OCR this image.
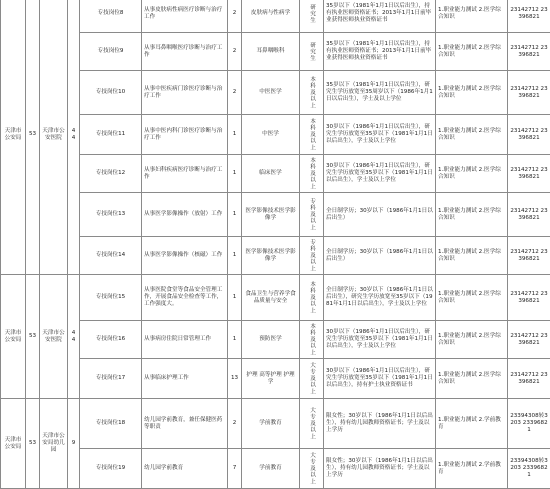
天津市公安局	53	天津市公安医院	44	专技岗位8	从事皮肤病性病医疗诊断与治疗工作	2	皮肤病与性病学	研究生	35岁以下（1981年1月1日以后出生），持有执业医师资格证书；2013年1月1日前毕业获得医师执业资格证书	1.职业能力测试 2.医学综合知识	23142712 23396821
				专技岗位9	从事耳鼻咽喉医疗诊断与治疗工作	2	耳鼻咽喉科	研究生	35岁以下（1981年1月1日以后出生），持有执业医师资格证书；2013年1月1日前毕业获得医师执业资格证书	1.职业能力测试 2.医学综合知识	23142712 23396821
				专技岗位10	从事中医疾病门诊医疗诊断与治疗工作	2	中医医学	本科及以上	35岁以下（1981年1月1日以后出生），研究生学历放宽至35周岁以下（1986年1月1日以后出生），学士及以上学位	1.职业能力测试 2.医学综合知识	23142712 23396821
				专技岗位11	从事中医内科门诊医疗诊断与治疗工作	1	中医学	本科及以上	30岁以下（1986年1月1日以后出生），研究生学历放宽至35岁以下（1981年1月1日以后出生），学士及以上学位	1.职业能力测试 2.医学综合知识	23142712 23396821
				专技岗位12	从事妇科疾病医疗诊断与治疗工作	1	临床医学	本科及以上	30岁以下（1986年1月1日以后出生），研究生学历放宽至35岁以下（1981年1月1日以后出生），学士及以上学位	1.职业能力测试 2.医学综合知识	23142712 23396821
				专技岗位13	从事医学影像操作（放射）工作	1	医学影像技术医学影像学	专科及以上	全日制学历；30岁以下（1986年1月1日以后出生）	1.职业能力测试 2.医学综合知识	23142712 23396821
				专技岗位14	从事医学影像操作（核磁）工作	1	医学影像技术医学影像学	专科及以上	全日制学历；30岁以下（1986年1月1日以后出生）	1.职业能力测试 2.医学综合知识	23142712 23396821
天津市公安局	53	天津市公安医院	44	专技岗位15	从事医院食堂等食品安全管理工作，开展食品安全检查等工作，工作强度大。	1	食品卫生与营养学食品质量与安全	本科及以上	全日制学历；30岁以下（1986年1月1日以后出生），研究生学历放宽至35岁以下（1981年1月1日以后出生），学士及以上学位	1.职业能力测试 2.医学综合知识	23142712 23396821
				专技岗位16	从事病房住院日常管理工作	1	预防医学	本科及以上	30岁以下（1986年1月1日以后出生），研究生学历放宽至35岁以下（1981年1月1日以后出生），学士及以上学位	1.职业能力测试 2.医学综合知识	23142712 23396821
				专技岗位17	从事临床护理工作	13	护理 高等护理 护理学	大专及以上	30岁以下（1986年1月1日以后出生），研究生学历放宽至35岁以下（1981年1月1日以后出生），持有护士执业资格证书	1.职业能力测试 2.医学综合知识	23142712 23396821
天津市公安局	53	天津市公安局幼儿园	9	专技岗位18	幼儿园学前教育，兼任保健医药等职责	2	学前教育	大专及以上	限女性；30岁以下（1986年1月1日以后出生），持有幼儿园教师资格证书；学士及以上学历	1.职业能力测试 2.学前教育	23394308转3203 23396821
				专技岗位19	幼儿园学前教育	7	学前教育	大专及以上	限女性；30岁以下（1986年1月1日以后出生），持有幼儿园教师资格证书；学士及以上学历	1.职业能力测试 2.学前教育	23394308转3203 23396821
